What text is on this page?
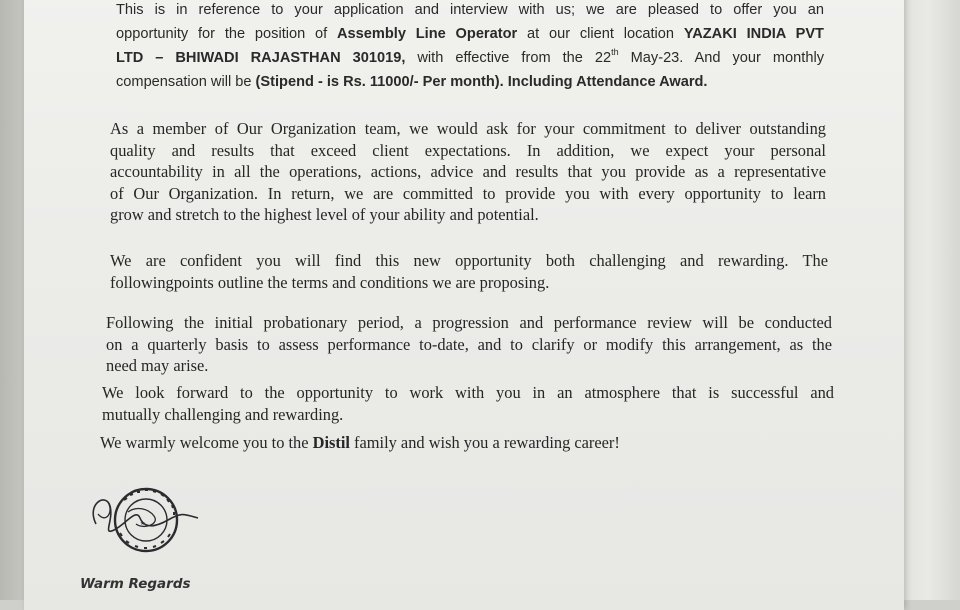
This is in reference to your application and interview with us; we are pleased to offer you an
opportunity for the position of Assembly Line Operator at our client location YAZAKI INDIA PVT
LTD – BHIWADI RAJASTHAN 301019, with effective from the 22th May-23. And your monthly
compensation will be (Stipend - is Rs. 11000/- Per month). Including Attendance Award.
As a member of Our Organization team, we would ask for your commitment to deliver outstanding
quality and results that exceed client expectations. In addition, we expect your personal
accountability in all the operations, actions, advice and results that you provide as a representative
of Our Organization. In return, we are committed to provide you with every opportunity to learn
grow and stretch to the highest level of your ability and potential.
We are confident you will find this new opportunity both challenging and rewarding. The
followingpoints outline the terms and conditions we are proposing.
Following the initial probationary period, a progression and performance review will be conducted
on a quarterly basis to assess performance to-date, and to clarify or modify this arrangement, as the
need may arise.
We look forward to the opportunity to work with you in an atmosphere that is successful and
mutually challenging and rewarding.
We warmly welcome you to the Distil family and wish you a rewarding career!
★
Warm Regards
